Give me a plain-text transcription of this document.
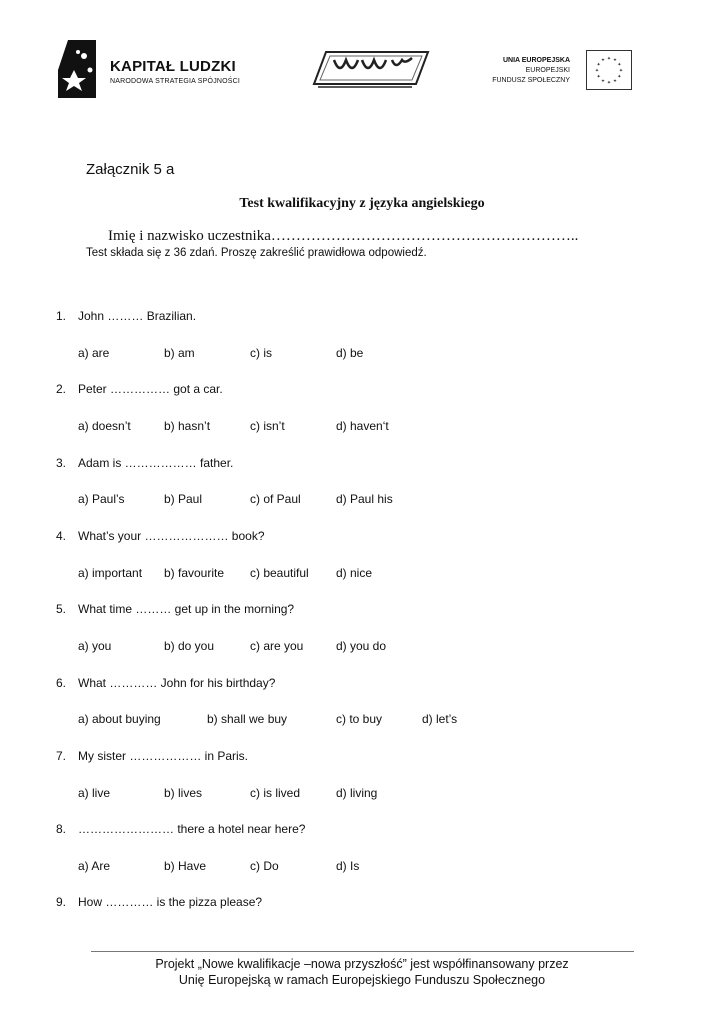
KAPITAŁ LUDZKI
NARODOWA STRATEGIA SPÓJNOŚCI
UNIA EUROPEJSKA
EUROPEJSKI
FUNDUSZ SPOŁECZNY
✦ ✦
✦
✦
✦
✦
✦
✦
✦
✦
✦
✦
Załącznik 5 a
Test kwalifikacyjny z języka angielskiego
Imię i nazwisko uczestnika……………………………………………………..
Test składa się z 36 zdań. Proszę zakreślić prawidłowa odpowiedź.
1. John ……… Brazilian.
a) are	b) am	c) is	d) be
2. Peter …………… got a car.
a) doesn’t	b) hasn’t	c) isn’t	d) haven‘t
3. Adam is ……………… father.
a) Paul’s	b) Paul	c) of Paul	d) Paul his
4. What’s your ………………… book?
a) important b) favourite c) beautiful d) nice
5. What time ……… get up in the morning?
a) you	b) do you	c) are you	d) you do
6. What ………… John for his birthday?
a) about buying	b) shall we buy	c) to buy	d) let’s
7. My sister ……………… in Paris.
a) live	b) lives	c) is lived	d) living
8. …………………… there a hotel near here?
a) Are	b) Have	c) Do	d) Is
9. How ………… is the pizza please?
Projekt „Nowe kwalifikacje –nowa przyszłość” jest współfinansowany przez
Unię Europejską w ramach Europejskiego Funduszu Społecznego
